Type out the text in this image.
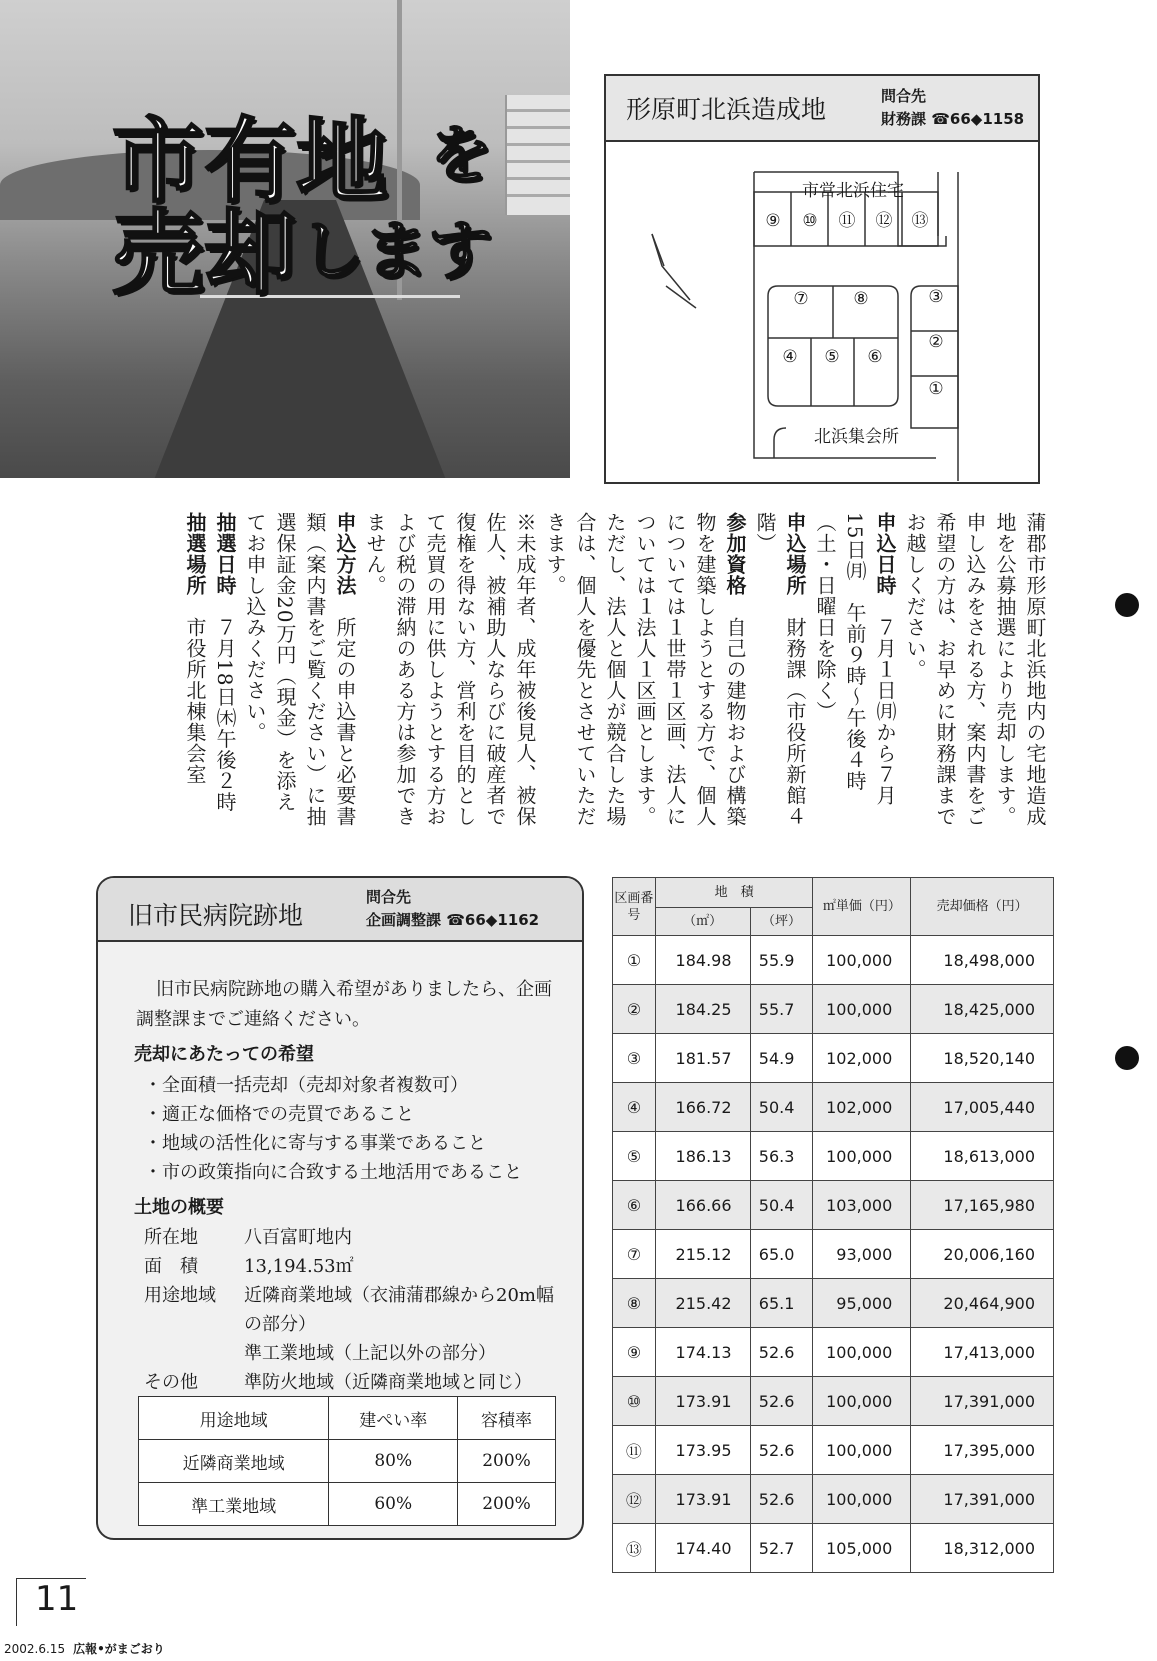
市有地 を
売却 します
形原町北浜造成地	問合先
財務課 ☎66◆1158
市営北浜住宅
北浜集会所
①
②
③
④	⑤	⑥
⑦	⑧
⑨	⑩	⑪	⑫	⑬

蒲郡市形原町北浜地内の宅地造成地を公募抽選により売却します。申し込みをされる方、案内書をご希望の方は、お早めに財務課までお越しください。

申込日時　７月１日㈪から７月15日㈪　午前９時～午後４時（土・日曜日を除く）

申込場所　財務課（市役所新館４階）

参加資格　自己の建物および構築物を建築しようとする方で、個人については１世帯１区画、法人については１法人１区画とします。ただし、法人と個人が競合した場合は、個人を優先とさせていただきます。

※未成年者、成年被後見人、被保佐人、被補助人ならびに破産者で復権を得ない方、営利を目的として売買の用に供しようとする方および税の滞納のある方は参加できません。

申込方法　所定の申込書と必要書類（案内書をご覧ください）に抽選保証金20万円（現金）を添えてお申し込みください。

抽選日時　７月18日㈭午後２時

抽選場所　市役所北棟集会室

旧市民病院跡地
問合先
企画調整課 ☎66◆1162
旧市民病院跡地の購入希望がありましたら、企画
調整課までご連絡ください。
売却にあたっての希望
・全面積一括売却（売却対象者複数可）
・適正な価格での売買であること
・地域の活性化に寄与する事業であること
・市の政策指向に合致する土地活用であること
土地の概要
所在地	八百富町地内
面　積	13,194.53㎡
用途地域 近隣商業地域（衣浦蒲郡線から20m幅
の部分）
準工業地域（上記以外の部分）
その他	準防火地域（近隣商業地域と同じ）
用途地域	建ぺい率	容積率
近隣商業地域	80%	200%
準工業地域	60%	200%
区画番号	地　積		㎡単価（円）	売却価格（円）
	（㎡）	（坪）		
①	184.98	55.9	100,000	18,498,000
②	184.25	55.7	100,000	18,425,000
③	181.57	54.9	102,000	18,520,140
④	166.72	50.4	102,000	17,005,440
⑤	186.13	56.3	100,000	18,613,000
⑥	166.66	50.4	103,000	17,165,980
⑦	215.12	65.0	93,000	20,006,160
⑧	215.42	65.1	95,000	20,464,900
⑨	174.13	52.6	100,000	17,413,000
⑩	173.91	52.6	100,000	17,391,000
⑪	173.95	52.6	100,000	17,395,000
⑫	173.91	52.6	100,000	17,391,000
⑬	174.40	52.7	105,000	18,312,000
11
2002.6.15 広報•がまごおり
